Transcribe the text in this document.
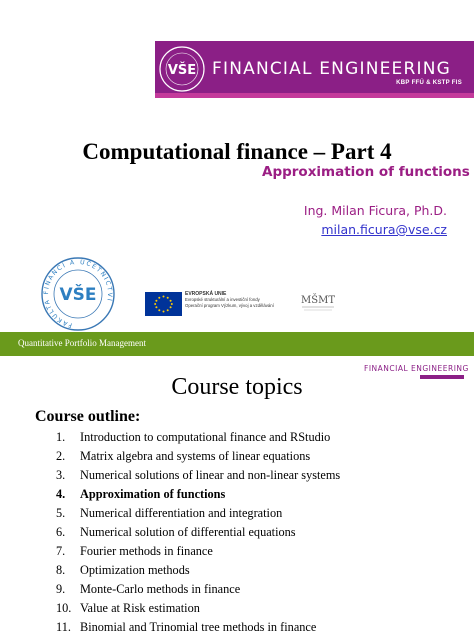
VŠE FINANCIAL ENGINEERING
KBP FFÚ & KSTP FIS
Computational finance – Part 4
Approximation of functions
Ing. Milan Ficura, Ph.D.
milan.ficura@vse.cz
VŠE
FAKULTA FINANCÍ A ÚČETNICTVÍ
EVROPSKÁ UNIE
Evropské strukturální a investiční fondy
Operační program Výzkum, vývoj a vzdělávání	MŠMT
Quantitative Portfolio Management
FINANCIAL ENGINEERING
Course topics
Course outline:
1. Introduction to computational finance and RStudio
2. Matrix algebra and systems of linear equations
3. Numerical solutions of linear and non-linear systems
4. Approximation of functions
5. Numerical differentiation and integration
6. Numerical solution of differential equations
7. Fourier methods in finance
8. Optimization methods
9. Monte-Carlo methods in finance
10. Value at Risk estimation
11. Binomial and Trinomial tree methods in finance
